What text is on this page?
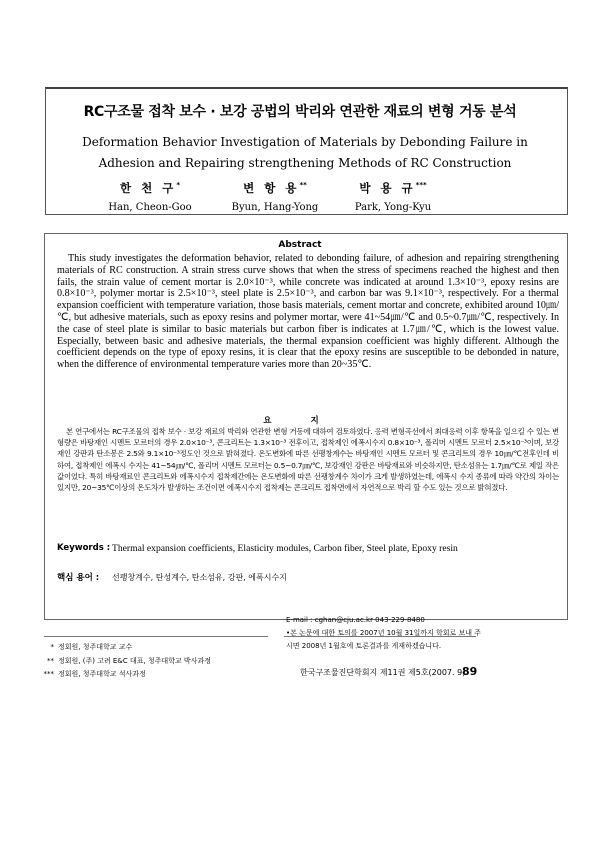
RC구조물 접착 보수 · 보강 공법의 박리와 연관한 재료의 변형 거동 분석
Deformation Behavior Investigation of Materials by Debonding Failure in
Adhesion and Repairing strengthening Methods of RC Construction
한 천 구*
Han, Cheon-Goo
변 항 용**
Byun, Hang-Yong
박 용 규***
Park, Yong-Kyu
Abstract
This study investigates the deformation behavior, related to debonding failure, of adhesion and repairing strengthening materials of RC construction. A strain stress curve shows that when the stress of specimens reached the highest and then fails, the strain value of cement mortar is 2.0×10⁻³, while concrete was indicated at around 1.3×10⁻³, epoxy resins are 0.8×10⁻³, polymer mortar is 2.5×10⁻³, steel plate is 2.5×10⁻³, and carbon bar was 9.1×10⁻³, respectively. For a thermal expansion coefficient with temperature variation, those basis materials, cement mortar and concrete, exhibited around 10㎛/℃, but adhesive materials, such as epoxy resins and polymer mortar, were 41~54㎛/℃ and 0.5~0.7㎛/℃, respectively. In the case of steel plate is similar to basic materials but carbon fiber is indicates at 1.7㎛/℃, which is the lowest value. Especially, between basic and adhesive materials, the thermal expansion coefficient was highly different. Although the coefficient depends on the type of epoxy resins, it is clear that the epoxy resins are susceptible to be debonded in nature, when the difference of environmental temperature varies more than 20~35℃.
요 지
본 연구에서는 RC구조물의 접착 보수 · 보강 재료의 박리와 연관한 변형 거동에 대하여 검토하였다. 응력 변형곡선에서 최대응력 이후 항복을 일으킬 수 있는 변형량은 바탕재인 시멘트 모르터의 경우 2.0×10⁻³, 콘크리트는 1.3×10⁻³ 전후이고, 접착제인 에폭시수지 0.8×10⁻³, 폴리머 시멘트 모르터 2.5×10⁻³이며, 보강재인 강판과 탄소봉은 2.5와 9.1×10⁻³정도인 것으로 밝혀졌다. 온도변화에 따른 선팽창계수는 바탕재인 시멘트 모르터 및 콘크리트의 경우 10㎛/℃전후인데 비하여, 접착제인 에폭시 수지는 41~54㎛/℃, 폴리머 시멘트 모르터는 0.5~0.7㎛/℃, 보강재인 강판은 바탕재료와 비슷하지만, 탄소섬유는 1.7㎛/℃로 제일 작은 값이었다. 특히 바탕재료인 콘크리트와 에폭시수지 접착제간에는 온도변화에 따른 선팽창계수 차이가 크게 발생하였는데, 에폭시 수지 종류에 따라 약간의 차이는 있지만, 20~35℃이상의 온도차가 발생하는 조건이면 에폭시수지 접착제는 콘크리트 접착면에서 자연적으로 박리 할 수도 있는 것으로 밝혀졌다.
Keywords : Thermal expansion coefficients, Elasticity modules, Carbon fiber, Steel plate, Epoxy resin
핵심 용어 : 선팽창계수, 탄성계수, 탄소섬유, 강판, 에폭시수지
* 정회원, 청주대학교 교수
** 정회원, (주) 고려 E&C 대표, 청주대학교 박사과정
*** 정회원, 청주대학교 석사과정
E-mail : cghan@cju.ac.kr 043-229-8480
•본 논문에 대한 토의를 2007년 10월 31일까지 학회로 보내 주시면 2008년 1월호에 토론결과를 게재하겠습니다.
한국구조물진단학회지 제11권 제5호(2007. 9)
89
